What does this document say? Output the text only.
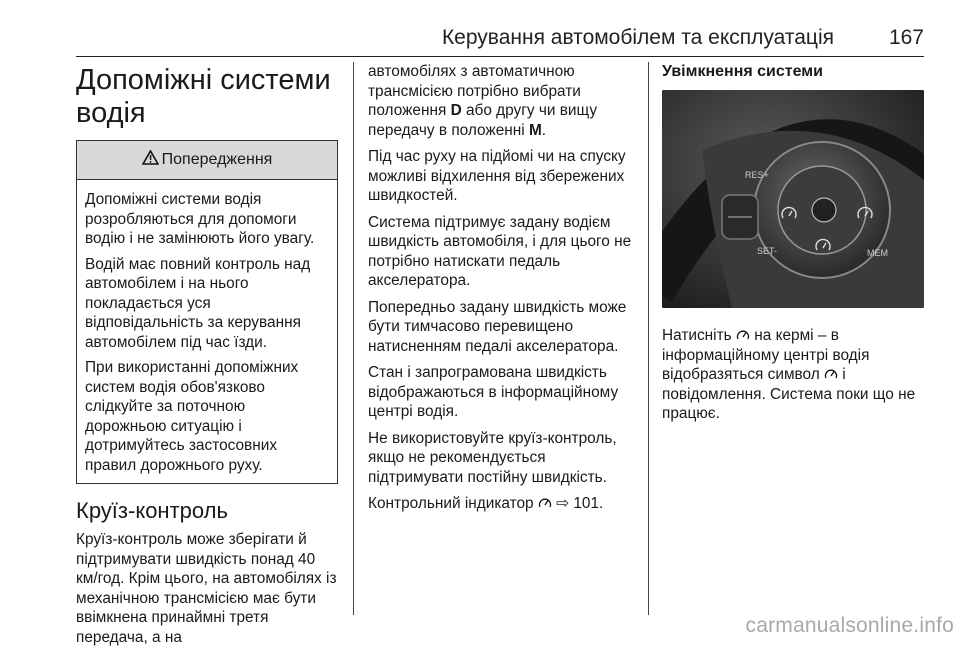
Керування автомобілем та експлуатація	167
Допоміжні системи
водія
Попередження

Допоміжні системи водія розробляються для допомоги водію і не замінюють його увагу.

Водій має повний контроль над автомобілем і на нього покладається уся відповідальність за керування автомобілем під час їзди.

При використанні допоміжних систем водія обов'язково слідкуйте за поточною дорожньою ситуацію і дотримуйтесь застосовних правил дорожнього руху.

Круїз-контроль

Круїз-контроль може зберігати й підтримувати швидкість понад 40 км/год. Крім цього, на автомобілях із механічною трансмісією має бути ввімкнена принаймні третя передача, а на

автомобілях з автоматичною трансмісією потрібно вибрати положення D або другу чи вищу передачу в положенні M.

Під час руху на підйомі чи на спуску можливі відхилення від збережених швидкостей.

Система підтримує задану водієм швидкість автомобіля, і для цього не потрібно натискати педаль акселератора.

Попередньо задану швидкість може бути тимчасово перевищено натисненням педалі акселератора.

Стан і запрограмована швидкість відображаються в інформаційному центрі водія.

Не використовуйте круїз-контроль, якщо не рекомендується підтримувати постійну швидкість.

Контрольний індикатор  ⇨ 101.

Увімкнення системи
RES+
SET-	MEM

Натисніть  на кермі – в інформаційному центрі водія відобразяться символ  і повідомлення. Система поки що не працює.

carmanualsonline.info
